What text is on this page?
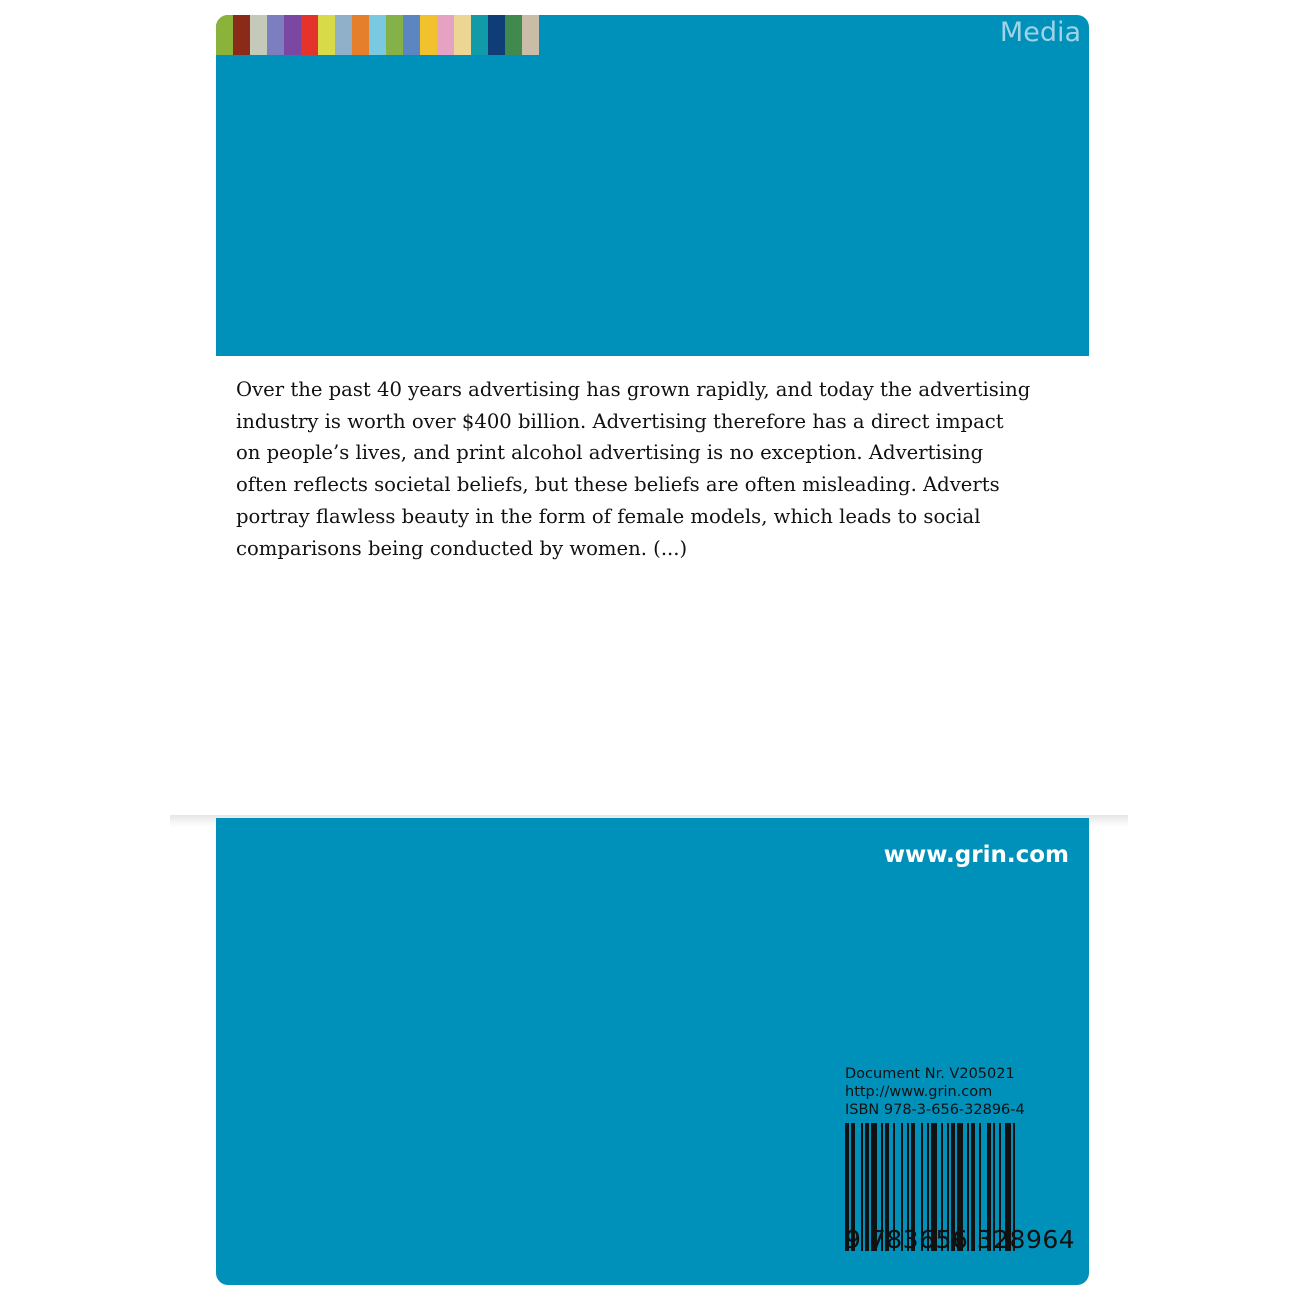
Media
Over the past 40 years advertising has grown rapidly, and today the advertising
industry is worth over $400 billion. Advertising therefore has a direct impact
on people’s lives, and print alcohol advertising is no exception. Advertising
often reflects societal beliefs, but these beliefs are often misleading. Adverts
portray flawless beauty in the form of female models, which leads to social
comparisons being conducted by women. (...)
www.grin.com
Document Nr. V205021
http://www.grin.com
ISBN 978-3-656-32896-4
9 783656 328964
